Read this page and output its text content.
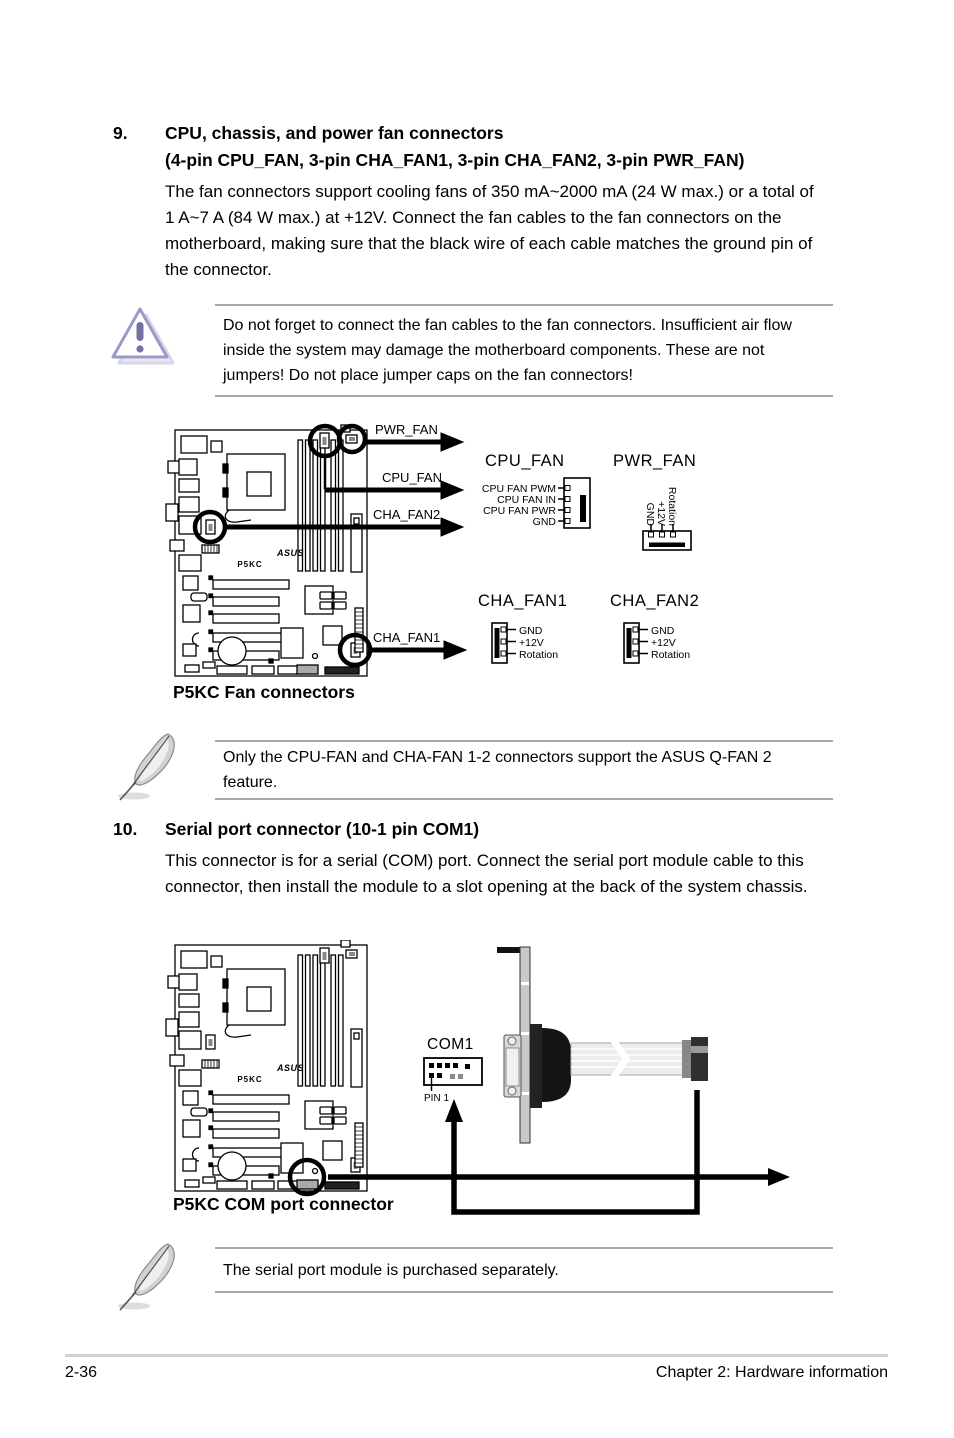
9.	CPU, chassis, and power fan connectors
(4-pin CPU_FAN, 3-pin CHA_FAN1, 3-pin CHA_FAN2, 3-pin PWR_FAN)
The fan connectors support cooling fans of 350 mA~2000 mA (24 W max.) or a total of 1 A~7 A (84 W max.) at +12V. Connect the fan cables to the fan connectors on the motherboard, making sure that the black wire of each cable matches the ground pin of the connector.
Do not forget to connect the fan cables to the fan connectors. Insufficient air flow inside the system may damage the motherboard components. These are not jumpers! Do not place jumper caps on the fan connectors!
PWR_FAN
CPU_FAN
CHA_FAN2
CHA_FAN1
CPU_FAN
CPU FAN PWM
CPU FAN IN
CPU FAN PWR
GND
PWR_FAN
GND +12V Rotation
CHA_FAN1
GND
+12V
Rotation
CHA_FAN2
GND
+12V
Rotation
P5KC Fan connectors
Only the CPU-FAN and CHA-FAN 1-2 connectors support the ASUS Q-FAN 2 feature.
10.	Serial port connector (10-1 pin COM1)
This connector is for a serial (COM) port. Connect the serial port module cable to this connector, then install the module to a slot opening at the back of the system chassis.
COM1
PIN 1
P5KC COM port connector
The serial port module is purchased separately.
2-36	Chapter 2: Hardware information
